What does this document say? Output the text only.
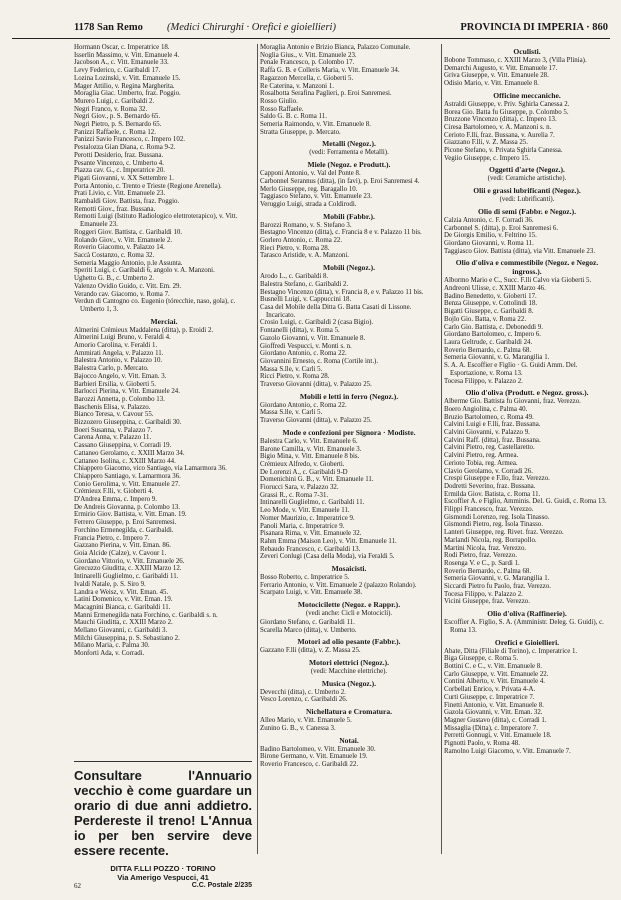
1178 San Remo (Medici Chirurghi · Orefici e gioiellieri)	PROVINCIA DI IMPERIA · 860

Hormann Oscar, c. Imperatrice 18.

Isserlin Massimo, v. Vitt. Emanuele 4.

Jacobson A., c. Vitt. Emanuele 33.

Levy Federico, c. Garibaldi 17.

Lozina Lozinski, v. Vitt. Emanuele 15.

Mager Attilio, v. Regina Margherita.

Moraglia Giac. Umberto, fraz. Poggio.

Murero Luigi, c. Garibaldi 2.

Negri Franco, v. Roma 32.

Negri Giov., p. S. Bernardo 65.

Negri Pietro, p. S. Bernardo 65.

Panizzi Raffaele, c. Roma 12.

Panizzi Savio Francesco, c. Impero 102.

Pestalozza Gian Diana, c. Roma 9-2.

Perotti Desiderio, fraz. Bussana.

Pesante Vincenzo, c. Umberto 4.

Piazza cav. G., c. Imperatrice 20.

Pigati Giovanni, v. XX Settembre 1.

Porta Antonio, c. Trento e Trieste (Regione Arenella).

Prati Livio, c. Vitt. Emanuele 23.

Rambaldi Giov. Battista, fraz. Poggio.

Remotti Giov., fraz. Bussana.

Remotti Luigi (Istituto Radiologico elettroterapico), v. Vitt. Emanuele 23.

Roggeri Giov. Battista, c. Garibaldi 10.

Rolando Giov., v. Vitt. Emanuele 2.

Roverio Giacomo, v. Palazzo 14.

Saccà Costanzo, c. Roma 32.

Semeria Maggio Antonio, p.le Assunta.

Speriti Luigi, c. Garibaldi 6, angolo v. A. Manzoni.

Ughetto G. B., c. Umberto 2.

Valenzo Ovidio Guido, c. Vitt. Em. 29.

Verando cav. Giacomo, v. Roma 7.

Verdun di Cantogno co. Eugenio (tórecchie, naso, gola), c. Umberto 1, 3.

Merciai.

Almerini Crémieux Maddalena (ditta), p. Eroidi 2.

Almerini Luigi Bruno, v. Feraldi 4.

Amorio Carolina, v. Feraldi 1.

Ammirati Angela, v. Palazzo 11.

Balestra Antonio, v. Palazzo 10.

Balestra Carlo, p. Mercato.

Bajocco Angelo, v. Vitt. Eman. 3.

Barbieri Ersilia, v. Gioberti 5.

Barlocci Pierina, v. Vitt. Emanuele 24.

Barozzi Annetta, p. Colombo 13.

Baschenis Elisa, v. Palazzo.

Bianco Teresa, v. Cavour 55.

Bizzozero Giuseppina, c. Garibaldi 30.

Boeri Susanna, v. Palazzo 7.

Carena Anna, v. Palazzo 11.

Cassano Giuseppina, v. Corradi 19.

Cattaneo Gerolamo, c. XXIII Marzo 34.

Cattaneo Isolina, c. XXIII Marzo 44.

Chiappero Giacomo, vico Santiago, via Lamarmora 36.

Chiappero Santiago, v. Lamarmora 36.

Conio Gerolima, v. Vitt. Emanuele 27.

Crémieux F.lli, v. Gioberti 4.

D'Andrea Emma, c. Impero 9.

De Andreis Giovanna, p. Colombo 13.

Ermirio Giov. Battista, v. Vitt. Eman. 19.

Ferrero Giuseppe, p. Eroi Sanremesi.

Forchino Ermenegilda, c. Garibaldi.

Francia Pietro, c. Impero 7.

Gazzano Pierina, v. Vitt. Eman. 86.

Goia Alcide (Calze), v. Cavour 1.

Giordano Vittorio, v. Vitt. Emanuele 26.

Grecuzzo Giuditta, c. XXIII Marzo 12.

Intinarelli Guglielmo, c. Garibaldi 11.

Ivaldi Natale, p. S. Siro 9.

Landra e Weisz, v. Vitt. Eman. 45.

Latini Domenico, v. Vitt. Eman. 19.

Macagnini Bianca, c. Garibaldi 11.

Manni Ermenegilda nata Forchino, c. Garibaldi s. n.

Mauchi Giuditta, c. XXIII Marzo 2.

Mellano Giovanni, c. Garibaldi 3.

Milchi Giuseppina, p. S. Sebastiano 2.

Milano Maria, c. Palma 30.

Monforti Ada, v. Corradi.

Moraglia Antonio e Brizio Bianca, Palazzo Comunale.

Noglia Gius., v. Vitt. Emanuele 23.

Penale Francesco, p. Colombo 17.

Raffa G. B. e Colleris Maria, v. Vitt. Emanuele 34.

Ragazzon Mercella, c. Gioberti 5.

Re Caterina, v. Manzoni 1.

Rosalbotta Serafina Paglieri, p. Eroi Sanremesi.

Rosso Giulio.

Rosso Raffaele.

Saldo G. B. c. Roma 11.

Semeria Raimondo, v. Vitt. Emanuele 8.

Stratta Giuseppe, p. Mercato.

Metalli (Negoz.).
(vedi: Ferramenta e Metalli).
Miele (Negoz. e Produtt.).

Capponi Antonio, v. Val del Ponte 8.

Carbonnel Serannus (ditta), (in favi), p. Eroi Sanremesi 4.

Merlo Giuseppe, reg. Baragallo 10.

Taggiasco Stefano, v. Vitt. Emanuele 23.

Veruggio Luigi, strada a Coldirodi.

Mobili (Fabbr.).

Barozzi Romano, v. S. Stefano 3.

Bestagno Vincenzo (ditta), c. Francia 8 e v. Palazzo 11 bis.

Gorlero Antonio, c. Roma 22.

Rieci Pietro, v. Roma 28.

Tarasco Aristide, v. A. Manzoni.

Mobili (Negoz.).

Arodo L., c. Garibaldi 8.

Balestra Stefano, c. Garibaldi 2.

Bestagno Vincenzo (ditta), v. Francia 8, e v. Palazzo 11 bis.

Busnelli Luigi, v. Cappuccini 18.

Casa del Mobile della Ditta G. Batta Casati di Lissone. Incaricato.

Crosio Luigi, c. Garibaldi 2 (casa Bigio).

Fontanelli (ditta), v. Roma 5.

Gazolo Giovanni, v. Vitt. Emanuele 8.

Gioffredi Vespucci, v. Monti s. n.

Giordano Antonio, c. Roma 22.

Giovannini Ernesto, c. Roma (Cortile int.).

Massa S.lle, v. Carli 5.

Ricci Pietro, v. Roma 28.

Traverso Giovanni (ditta), v. Palazzo 25.

Mobili e letti in ferro (Negoz.).

Giordano Antonio, c. Roma 22.

Massa S.lle, v. Carli 5.

Traverso Giovanni (ditta), v. Palazzo 25.

Mode e confezioni per Signora · Modiste.

Balestra Carlo, v. Vitt. Emanuele 6.

Barone Camilla, v. Vitt. Emanuele 3.

Bigio Mina, v. Vitt. Emanuele 8 bis.

Crémieux Alfredo, v. Gioberti.

De Lorenzi A., c. Garibaldi 9-D

Domenichini G. B., v. Vitt. Emanuele 11.

Fiorucci Sara, v. Palazzo 32.

Grassi R., c. Roma 7-31.

Intinarelli Guglielmo, c. Garibaldi 11.

Leo Mode, v. Vitt. Emanuele 11.

Nomer Maurizio, c. Imperatrice 9.

Panoli Maria, c. Imperatrice 9.

Pisanara Rima, v. Vitt. Emanuele 32.

Rahm Emma (Maison Leo), v. Vitt. Emanuele 11.

Rebaudo Francesco, c. Garibaldi 13.

Zeveri Conlugi (Casa della Moda), via Feraldi 5.

Mosaicisti.

Bosso Roberto, c. Imperatrice 5.

Ferrario Antonio, v. Vitt. Emanuele 2 (palazzo Rolando).

Scarpato Luigi, v. Vitt. Emanuele 38.

Motocicilette (Negoz. e Rappr.).
(vedi anche: Cicli e Motocicli).

Giordano Stefano, c. Garibaldi 11.

Scarella Marco (ditta), v. Umberto.

Motori ad olio pesante (Fabbr.).

Gazzano F.lli (ditta), v. Z. Massa 25.

Motori elettrici (Negoz.).
(vedi: Macchine elettriche).
Musica (Negoz.).

Devecchi (ditta), c. Umberto 2.

Vesco Lorenzo, c. Garibaldi 26.

Nichellatura e Cromatura.

Alleo Mario, v. Vitt. Emanuele 5.

Zunino G. B., v. Canessa 3.

Notai.

Badino Bartolomeo, v. Vitt. Emanuele 30.

Birone Germano, v. Vitt. Emanuele 19.

Roverio Francesco, c. Garibaldi 22.

Oculisti.

Bobone Tommaso, c. XXIII Marzo 3, (Villa Plinia).

Demarchi Augusto, v. Vitt. Emanuele 17.

Griva Giuseppe, v. Vitt. Emanuele 28.

Odisio Mario, v. Vitt. Emanuele 8.

Officine meccaniche.

Astraldi Giuseppe, v. Priv. Sghirla Canessa 2.

Borea Gio. Batta fu Giuseppe, p. Colombo 5.

Bruzzone Vincenzo (ditta), c. Impero 13.

Ciresa Bartolomeo, v. A. Manzoni s. n.

Cerioto F.lli, fraz. Bussana, v. Aurelia 7.

Giazzano F.lli, v. Z. Massa 25.

Picone Stefano, v. Privata Sghirla Canessa.

Vegiio Giuseppe, c. Impero 15.

Oggetti d'arte (Negoz.).
(vedi: Ceramiche artistiche).
Olii e grassi lubrificanti (Negoz.).
(vedi: Lubrificanti).
Olio di semi (Fabbr. e Negoz.).

Calzia Antonio, c. F. Corradi 36.

Carbonnel S. (ditta), p. Eroi Sanremesi 6.

De Giorgis Emilio, v. Feltrino 15.

Giordano Giovanni, v. Roma 11.

Taggiasco Giov. Battista (ditta), via Vitt. Emanuele 23.

Olio d'oliva e commestibile (Negoz. e Negoz. ingross.).

Albormo Mario e C., Succ. F.lli Calvo via Gioberti 5.

Andreoni Ulisse, c. XXIII Marzo 46.

Badino Benedetto, v. Gioberti 17.

Benza Giuseppe, v. Cottolindi 18.

Bigatti Giuseppe, c. Garibaldi 8.

Bojlo Gio. Batta, v. Roma 22.

Carlo Gio. Battista, c. Deboneddi 9.

Giordano Bartolomeo, c. Impero 6.

Laura Geltrude, c. Garibaldi 24.

Roverio Bernardo, c. Palma 68.

Semeria Giovanni, v. G. Marangilia 1.

S. A. A. Escoffier e Figlio · G. Guidi Amm. Del. Esportazione, v. Roma 13.

Tocesa Filippo, v. Palazzo 2.

Olio d'oliva (Produtt. e Negoz. gross.).

Alberme Gio. Battista fu Giovanni, fraz. Verezzo.

Boero Angiolina, c. Palma 40.

Bruzio Bartolomeo, c. Roma 49.

Calvini Luigi e F.lli, fraz. Bussana.

Calvini Giovanni, v. Palazzo 9.

Calvini Raff. (ditta), fraz. Bussana.

Calvini Pietro, reg. Castellaretto.

Calvini Pietro, reg. Armea.

Cerioto Tobia, reg. Armea.

Clavio Gerolamo, v. Corradi 26.

Crespi Giuseppe e F.llo, fraz. Verezzo.

Dodretti Severino, fraz. Bussana.

Ermilda Giov. Batista, c. Roma 11.

Escoffier A. e Figlio, Amminis. Del. G. Guidi, c. Roma 13.

Filippi Francesco, fraz. Verezzo.

Gismondi Lorenzo, reg. Isola Tinasso.

Gismondi Pietro, reg. Isola Tinasso.

Lanteri Giuseppe, reg. Rivet. fraz. Verezzo.

Marlandi Nicola, reg. Borrapollo.

Martini Nicola, fraz. Verezzo.

Rodi Pietro, fraz. Verezzo.

Rosenga V. e C., p. Sardi 1.

Roverio Bernardo, c. Palma 68.

Semeria Giovanni, v. G. Marangilia 1.

Siccardi Pietro fu Paolo, fraz. Verezzo.

Tocesa Filippo, v. Palazzo 2.

Vicini Giuseppe, fraz. Verezzo.

Olio d'oliva (Raffinerie).

Escoffier A. Figlio, S. A. (Amministr. Deleg. G. Guidi), c. Roma 13.

Orefici e Gioiellieri.

Abate, Ditta (Filiale di Torino), c. Imperatrice 1.

Biga Giuseppe, c. Roma 5.

Bottini C. e C., v. Vitt. Emanuele 8.

Carlo Giuseppe, v. Vitt. Emanuele 22.

Contini Alberto, v. Vitt. Emanuele 4.

Corbellati Enrico, v. Privata 4-A.

Curti Giuseppe, c. Imperatrice 7.

Finetti Antonio, v. Vitt. Emanuele 8.

Gazola Giovanni, v. Vitt. Eman. 32.

Magner Gustavo (ditta), c. Corradi 1.

Missaglia (Ditta), c. Imperatore 7.

Perretti Gonnugi, v. Vitt. Emanuele 18.

Pignotti Paolo, v. Roma 48.

Ramolno Luigi Giacomo, v. Vitt. Emanuele 7.

Consultare l'Annuario vecchio è come guardare un orario di due anni addietro. Perdereste il treno! L'Annua io per ben servire deve essere recente.

DITTA F.LLI POZZO · TORINO
Via Amerigo Vespucci, 41
62	C.C. Postale 2/235
